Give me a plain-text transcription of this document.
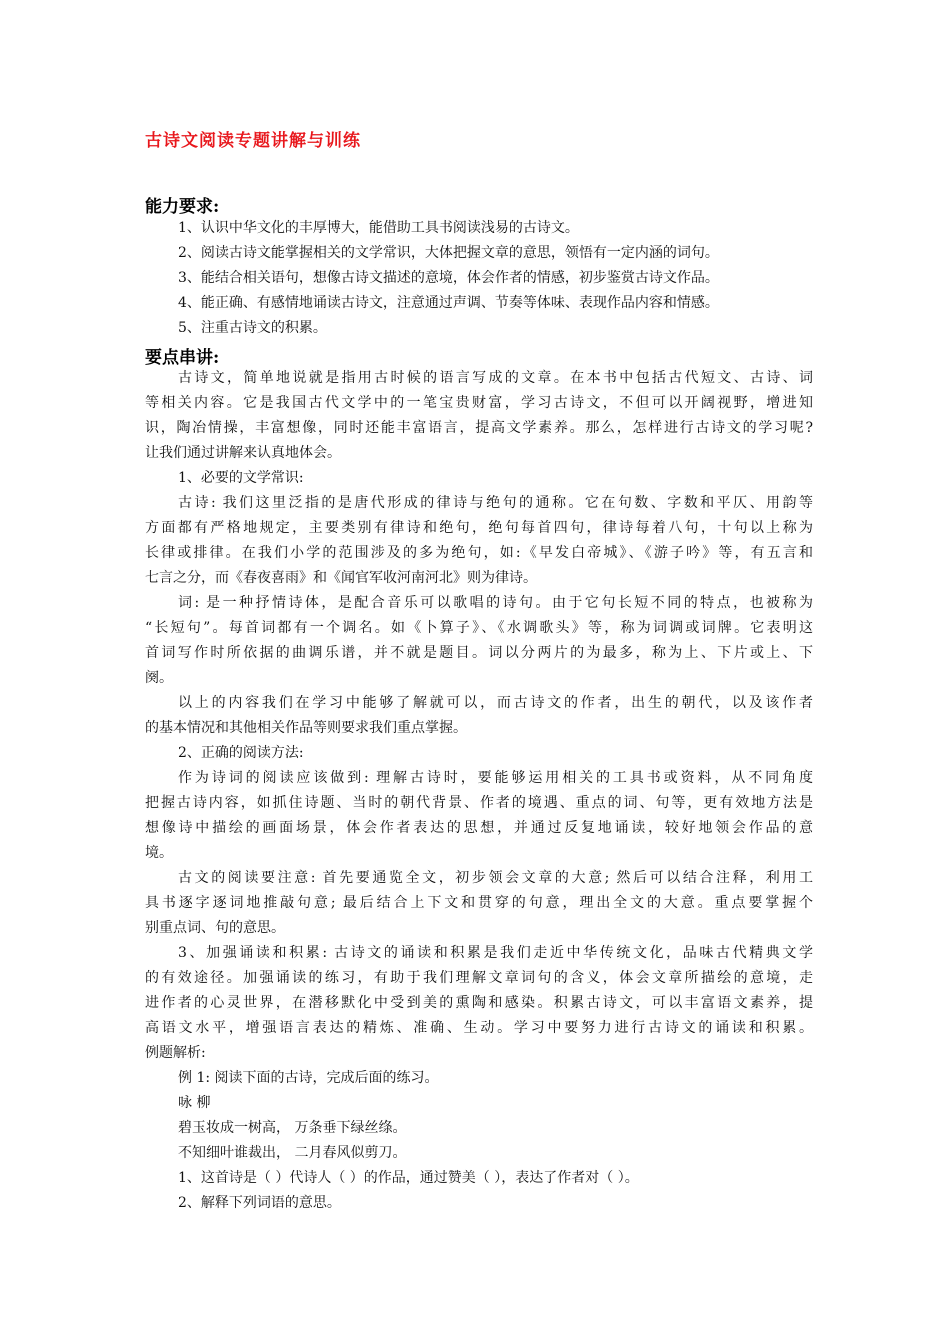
古诗文阅读专题讲解与训练
能力要求:
1、认识中华文化的丰厚博大，能借助工具书阅读浅易的古诗文。
2、阅读古诗文能掌握相关的文学常识，大体把握文章的意思，领悟有一定内涵的词句。
3、能结合相关语句，想像古诗文描述的意境，体会作者的情感，初步鉴赏古诗文作品。
4、能正确、有感情地诵读古诗文，注意通过声调、节奏等体味、表现作品内容和情感。
5、注重古诗文的积累。
要点串讲:
古诗文，简单地说就是指用古时候的语言写成的文章。在本书中包括古代短文、古诗、词
等相关内容。它是我国古代文学中的一笔宝贵财富，学习古诗文，不但可以开阔视野，增进知
识，陶冶情操，丰富想像，同时还能丰富语言，提高文学素养。那么，怎样进行古诗文的学习呢?
让我们通过讲解来认真地体会。
1、必要的文学常识:
古诗: 我们这里泛指的是唐代形成的律诗与绝句的通称。它在句数、字数和平仄、用韵等
方面都有严格地规定，主要类别有律诗和绝句，绝句每首四句，律诗每着八句，十句以上称为
长律或排律。在我们小学的范围涉及的多为绝句，如:《早发白帝城》、《游子吟》等，有五言和
七言之分，而《春夜喜雨》和《闻官军收河南河北》则为律诗。
词: 是一种抒情诗体，是配合音乐可以歌唱的诗句。由于它句长短不同的特点，也被称为
“长短句”。每首词都有一个调名。如《卜算子》、《水调歌头》等，称为词调或词牌。它表明这
首词写作时所依据的曲调乐谱，并不就是题目。词以分两片的为最多，称为上、下片或上、下
阕。
以上的内容我们在学习中能够了解就可以，而古诗文的作者，出生的朝代，以及该作者
的基本情况和其他相关作品等则要求我们重点掌握。
2、正确的阅读方法:
作为诗词的阅读应该做到: 理解古诗时，要能够运用相关的工具书或资料，从不同角度
把握古诗内容，如抓住诗题、当时的朝代背景、作者的境遇、重点的词、句等，更有效地方法是
想像诗中描绘的画面场景，体会作者表达的思想，并通过反复地诵读，较好地领会作品的意
境。
古文的阅读要注意: 首先要通览全文，初步领会文章的大意; 然后可以结合注释，利用工
具书逐字逐词地推敲句意; 最后结合上下文和贯穿的句意，理出全文的大意。重点要掌握个
别重点词、句的意思。
3、加强诵读和积累: 古诗文的诵读和积累是我们走近中华传统文化，品味古代精典文学
的有效途径。加强诵读的练习，有助于我们理解文章词句的含义，体会文章所描绘的意境，走
进作者的心灵世界，在潜移默化中受到美的熏陶和感染。积累古诗文，可以丰富语文素养，提
高语文水平，增强语言表达的精炼、准确、生动。学习中要努力进行古诗文的诵读和积累。
例题解析:
例 1: 阅读下面的古诗，完成后面的练习。
咏 柳
碧玉妆成一树高， 万条垂下绿丝绦。
不知细叶谁裁出， 二月春风似剪刀。
1、这首诗是（ ）代诗人（ ）的作品，通过赞美（ ），表达了作者对（ ）。
2、解释下列词语的意思。
